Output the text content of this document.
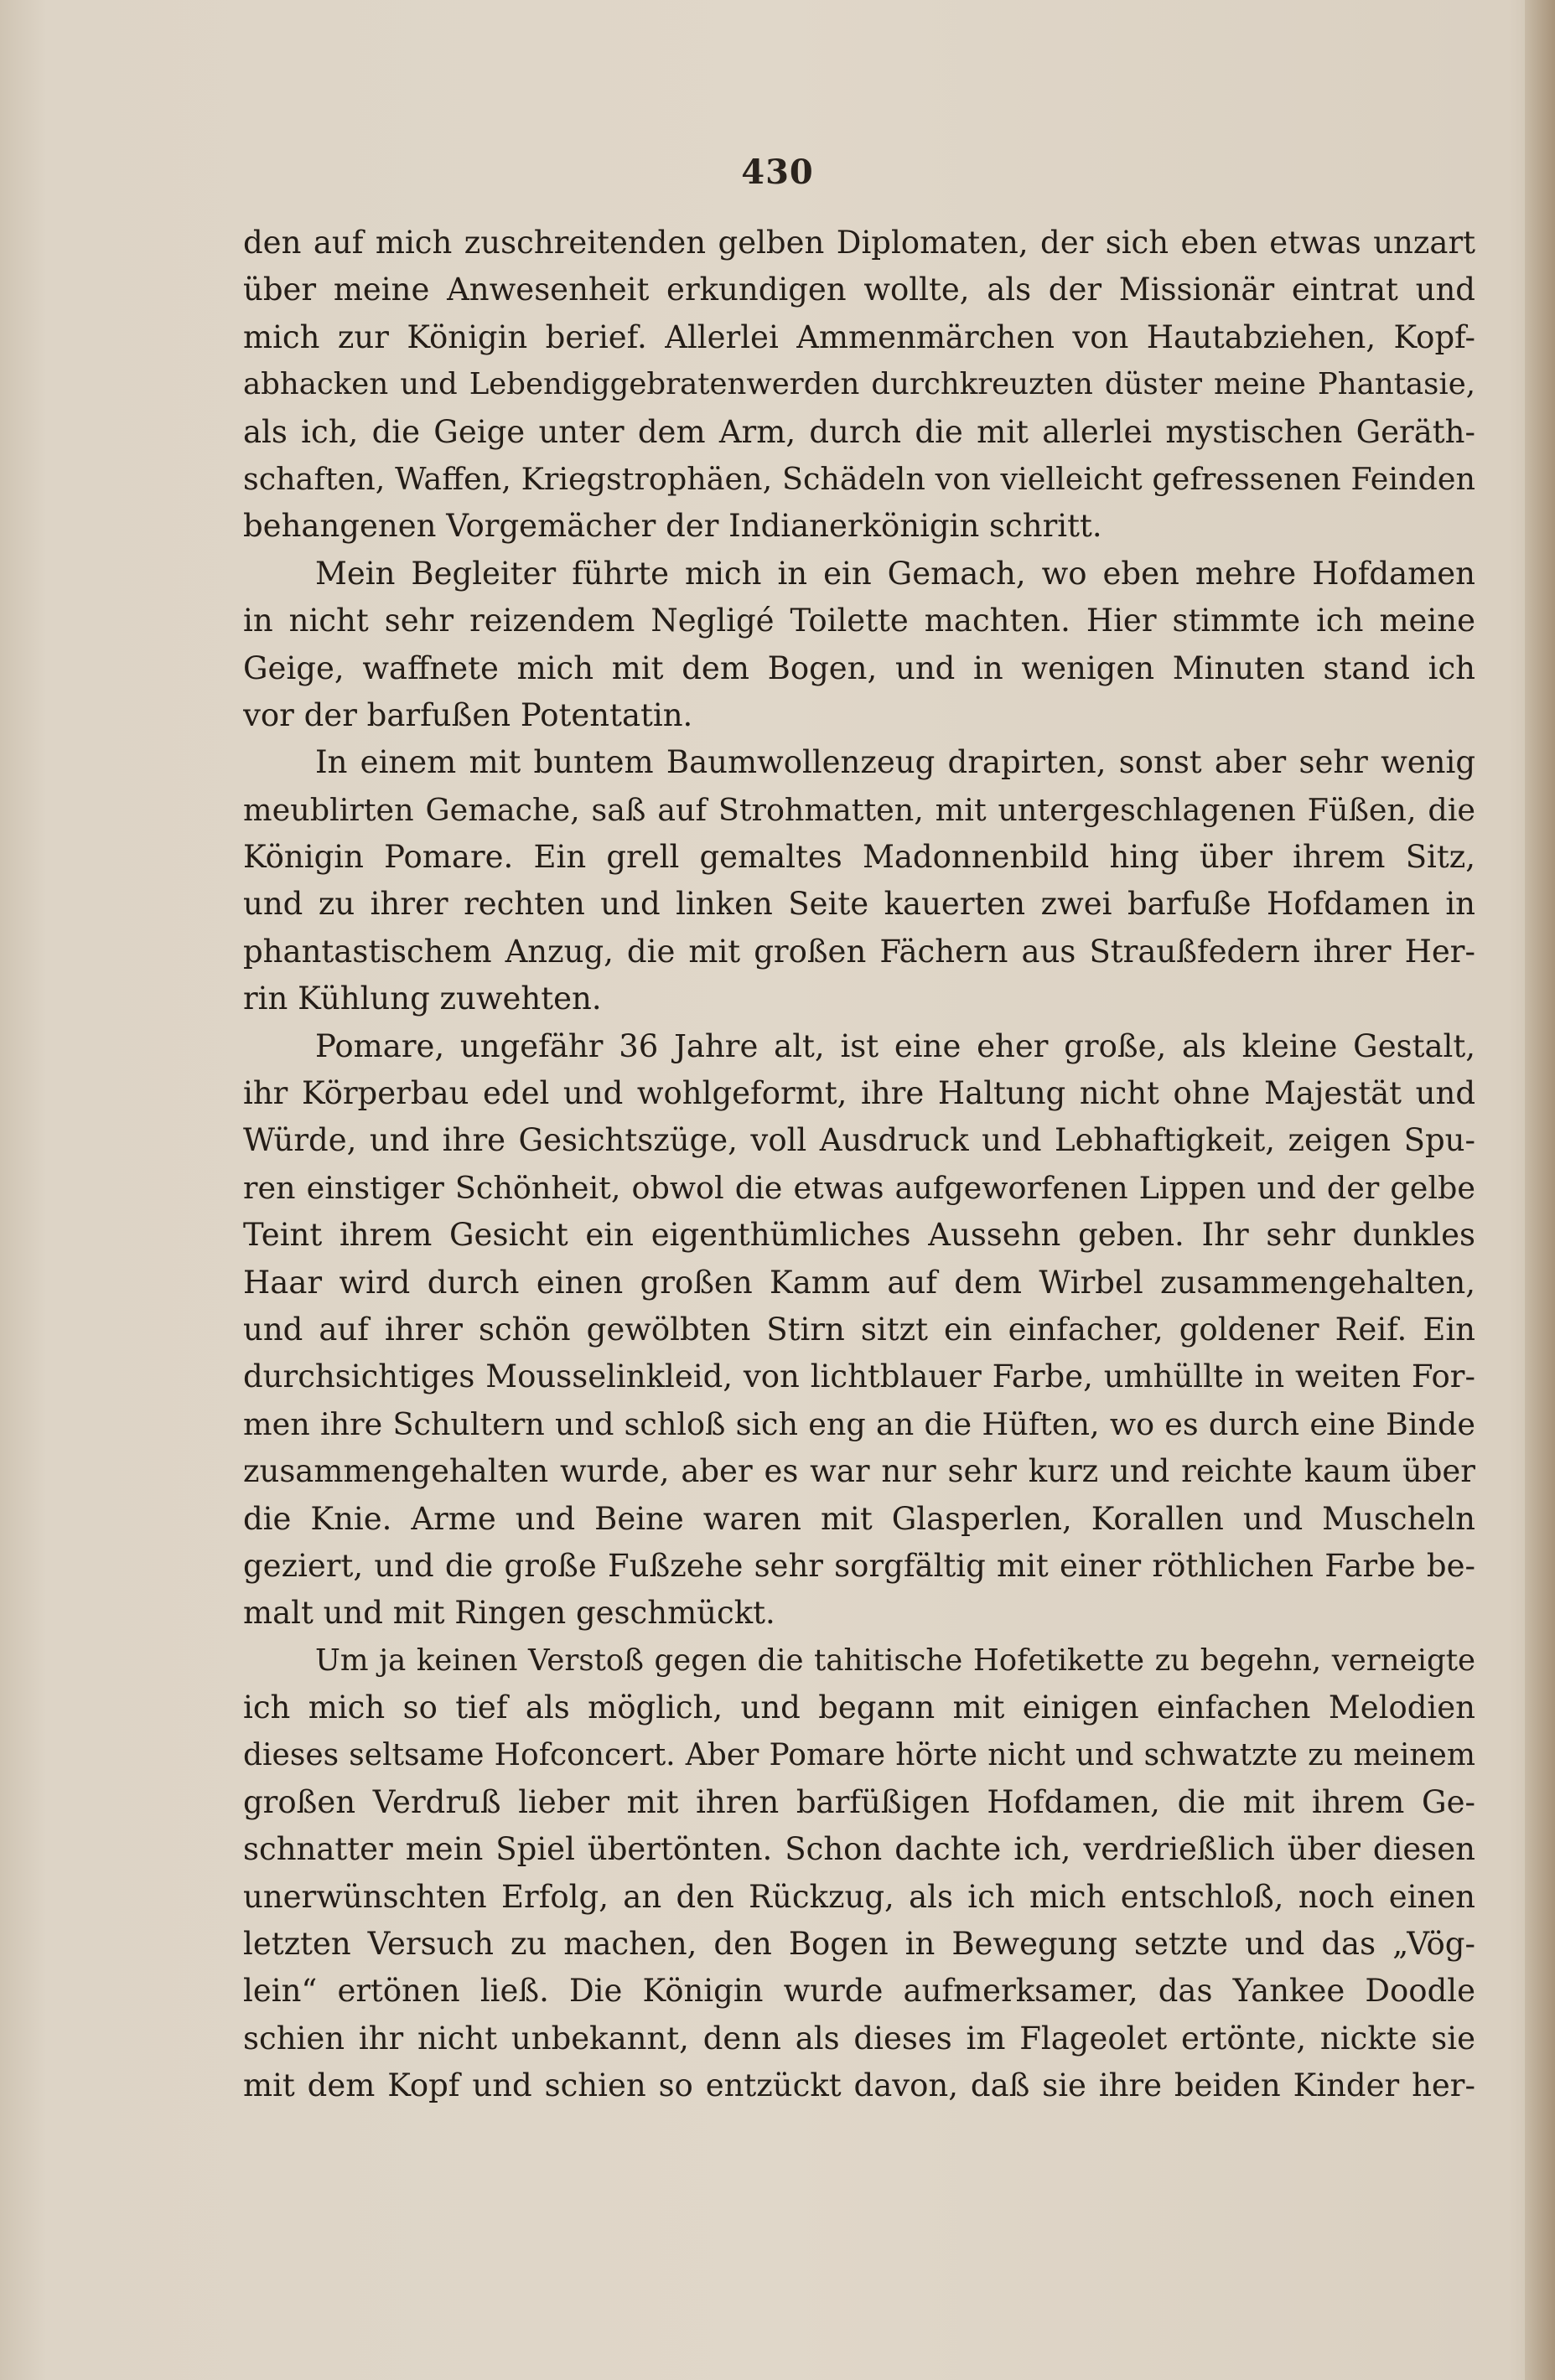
430
den auf mich zuschreitenden gelben Diplomaten, der sich eben etwas unzart
über meine Anwesenheit erkundigen wollte, als der Missionär eintrat und
mich zur Königin berief. Allerlei Ammenmärchen von Hautabziehen, Kopf-
abhacken und Lebendiggebratenwerden durchkreuzten düster meine Phantasie,
als ich, die Geige unter dem Arm, durch die mit allerlei mystischen Geräth-
schaften, Waffen, Kriegstrophäen, Schädeln von vielleicht gefressenen Feinden
behangenen Vorgemächer der Indianerkönigin schritt.
Mein Begleiter führte mich in ein Gemach, wo eben mehre Hofdamen
in nicht sehr reizendem Negligé Toilette machten. Hier stimmte ich meine
Geige, waffnete mich mit dem Bogen, und in wenigen Minuten stand ich
vor der barfußen Potentatin.
In einem mit buntem Baumwollenzeug drapirten, sonst aber sehr wenig
meublirten Gemache, saß auf Strohmatten, mit untergeschlagenen Füßen, die
Königin Pomare. Ein grell gemaltes Madonnenbild hing über ihrem Sitz,
und zu ihrer rechten und linken Seite kauerten zwei barfuße Hofdamen in
phantastischem Anzug, die mit großen Fächern aus Straußfedern ihrer Her-
rin Kühlung zuwehten.
Pomare, ungefähr 36 Jahre alt, ist eine eher große, als kleine Gestalt,
ihr Körperbau edel und wohlgeformt, ihre Haltung nicht ohne Majestät und
Würde, und ihre Gesichtszüge, voll Ausdruck und Lebhaftigkeit, zeigen Spu-
ren einstiger Schönheit, obwol die etwas aufgeworfenen Lippen und der gelbe
Teint ihrem Gesicht ein eigenthümliches Aussehn geben. Ihr sehr dunkles
Haar wird durch einen großen Kamm auf dem Wirbel zusammengehalten,
und auf ihrer schön gewölbten Stirn sitzt ein einfacher, goldener Reif. Ein
durchsichtiges Mousselinkleid, von lichtblauer Farbe, umhüllte in weiten For-
men ihre Schultern und schloß sich eng an die Hüften, wo es durch eine Binde
zusammengehalten wurde, aber es war nur sehr kurz und reichte kaum über
die Knie. Arme und Beine waren mit Glasperlen, Korallen und Muscheln
geziert, und die große Fußzehe sehr sorgfältig mit einer röthlichen Farbe be-
malt und mit Ringen geschmückt.
Um ja keinen Verstoß gegen die tahitische Hofetikette zu begehn, verneigte
ich mich so tief als möglich, und begann mit einigen einfachen Melodien
dieses seltsame Hofconcert. Aber Pomare hörte nicht und schwatzte zu meinem
großen Verdruß lieber mit ihren barfüßigen Hofdamen, die mit ihrem Ge-
schnatter mein Spiel übertönten. Schon dachte ich, verdrießlich über diesen
unerwünschten Erfolg, an den Rückzug, als ich mich entschloß, noch einen
letzten Versuch zu machen, den Bogen in Bewegung setzte und das „Vög-
lein“ ertönen ließ. Die Königin wurde aufmerksamer, das Yankee Doodle
schien ihr nicht unbekannt, denn als dieses im Flageolet ertönte, nickte sie
mit dem Kopf und schien so entzückt davon, daß sie ihre beiden Kinder her-
